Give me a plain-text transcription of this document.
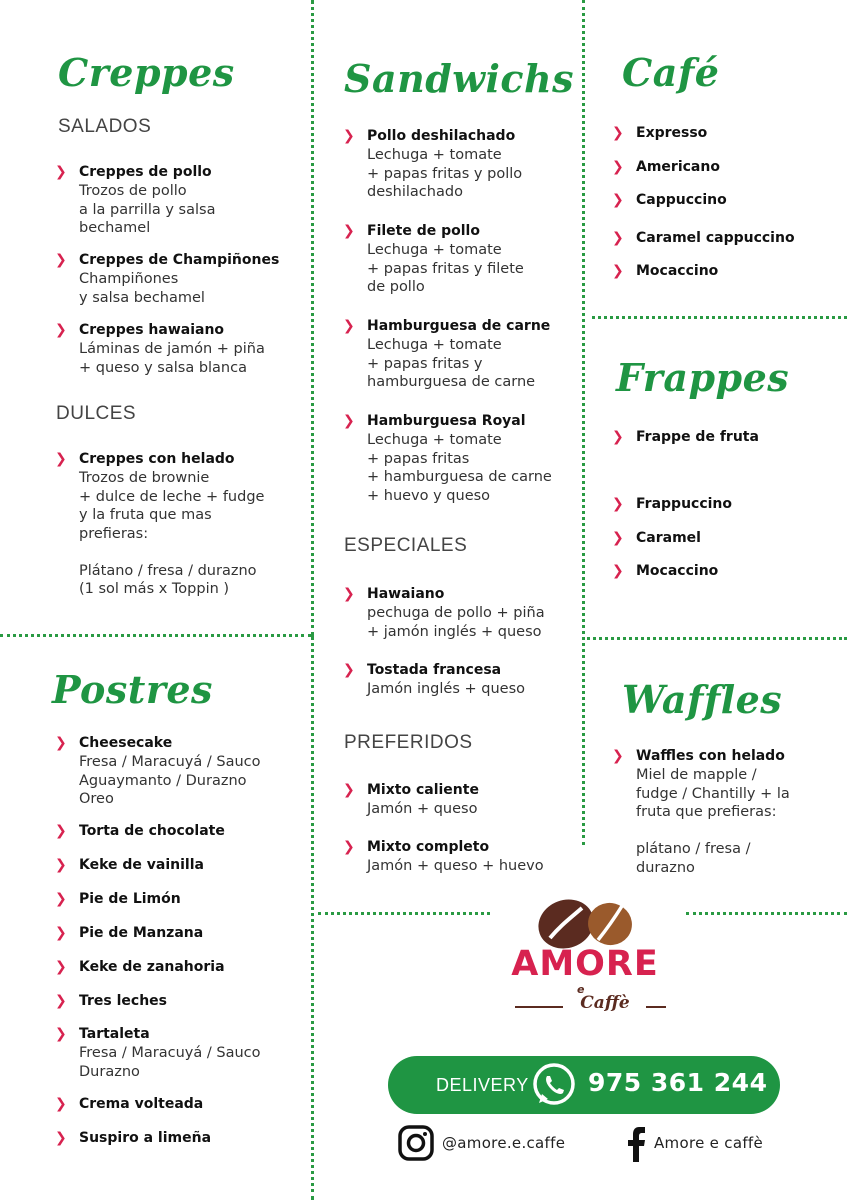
Creppes
SALADOS
❯ Creppes de pollo
Trozos de pollo
a la parrilla y salsa
bechamel
❯ Creppes de Champiñones
Champiñones
y salsa bechamel
❯ Creppes hawaiano
Láminas de jamón + piña
+ queso y salsa blanca
DULCES
❯ Creppes con helado
Trozos de brownie
+ dulce de leche + fudge
y la fruta que mas
prefieras:

Plátano / fresa / durazno
(1 sol más x Toppin )
Postres
❯ Cheesecake
Fresa / Maracuyá / Sauco
Aguaymanto / Durazno
Oreo
❯ Torta de chocolate
❯ Keke de vainilla
❯ Pie de Limón
❯ Pie de Manzana
❯ Keke de zanahoria
❯ Tres leches
❯ Tartaleta
Fresa / Maracuyá / Sauco
Durazno
❯ Crema volteada
❯ Suspiro a limeña
Sandwichs
❯ Pollo deshilachado
Lechuga + tomate
+ papas fritas y pollo
deshilachado
❯ Filete de pollo
Lechuga + tomate
+ papas fritas y filete
de pollo
❯ Hamburguesa de carne
Lechuga + tomate
+ papas fritas y
hamburguesa de carne
❯ Hamburguesa Royal
Lechuga + tomate
+ papas fritas
+ hamburguesa de carne
+ huevo y queso
ESPECIALES
❯ Hawaiano
pechuga de pollo + piña
+ jamón inglés + queso
❯ Tostada francesa
Jamón inglés + queso
PREFERIDOS
❯ Mixto caliente
Jamón + queso
❯ Mixto completo
Jamón + queso + huevo
Café
❯ Expresso
❯ Americano
❯ Cappuccino
❯ Caramel cappuccino
❯ Mocaccino
Frappes
❯ Frappe de fruta
❯ Frappuccino
❯ Caramel
❯ Mocaccino
Waffles
❯ Waffles con helado
Miel de mapple /
fudge / Chantilly + la
fruta que prefieras:

plátano / fresa /
durazno
AMORE
e
Caffè
DELIVERY 975 361 244
@amore.e.caffe	Amore e caffè
